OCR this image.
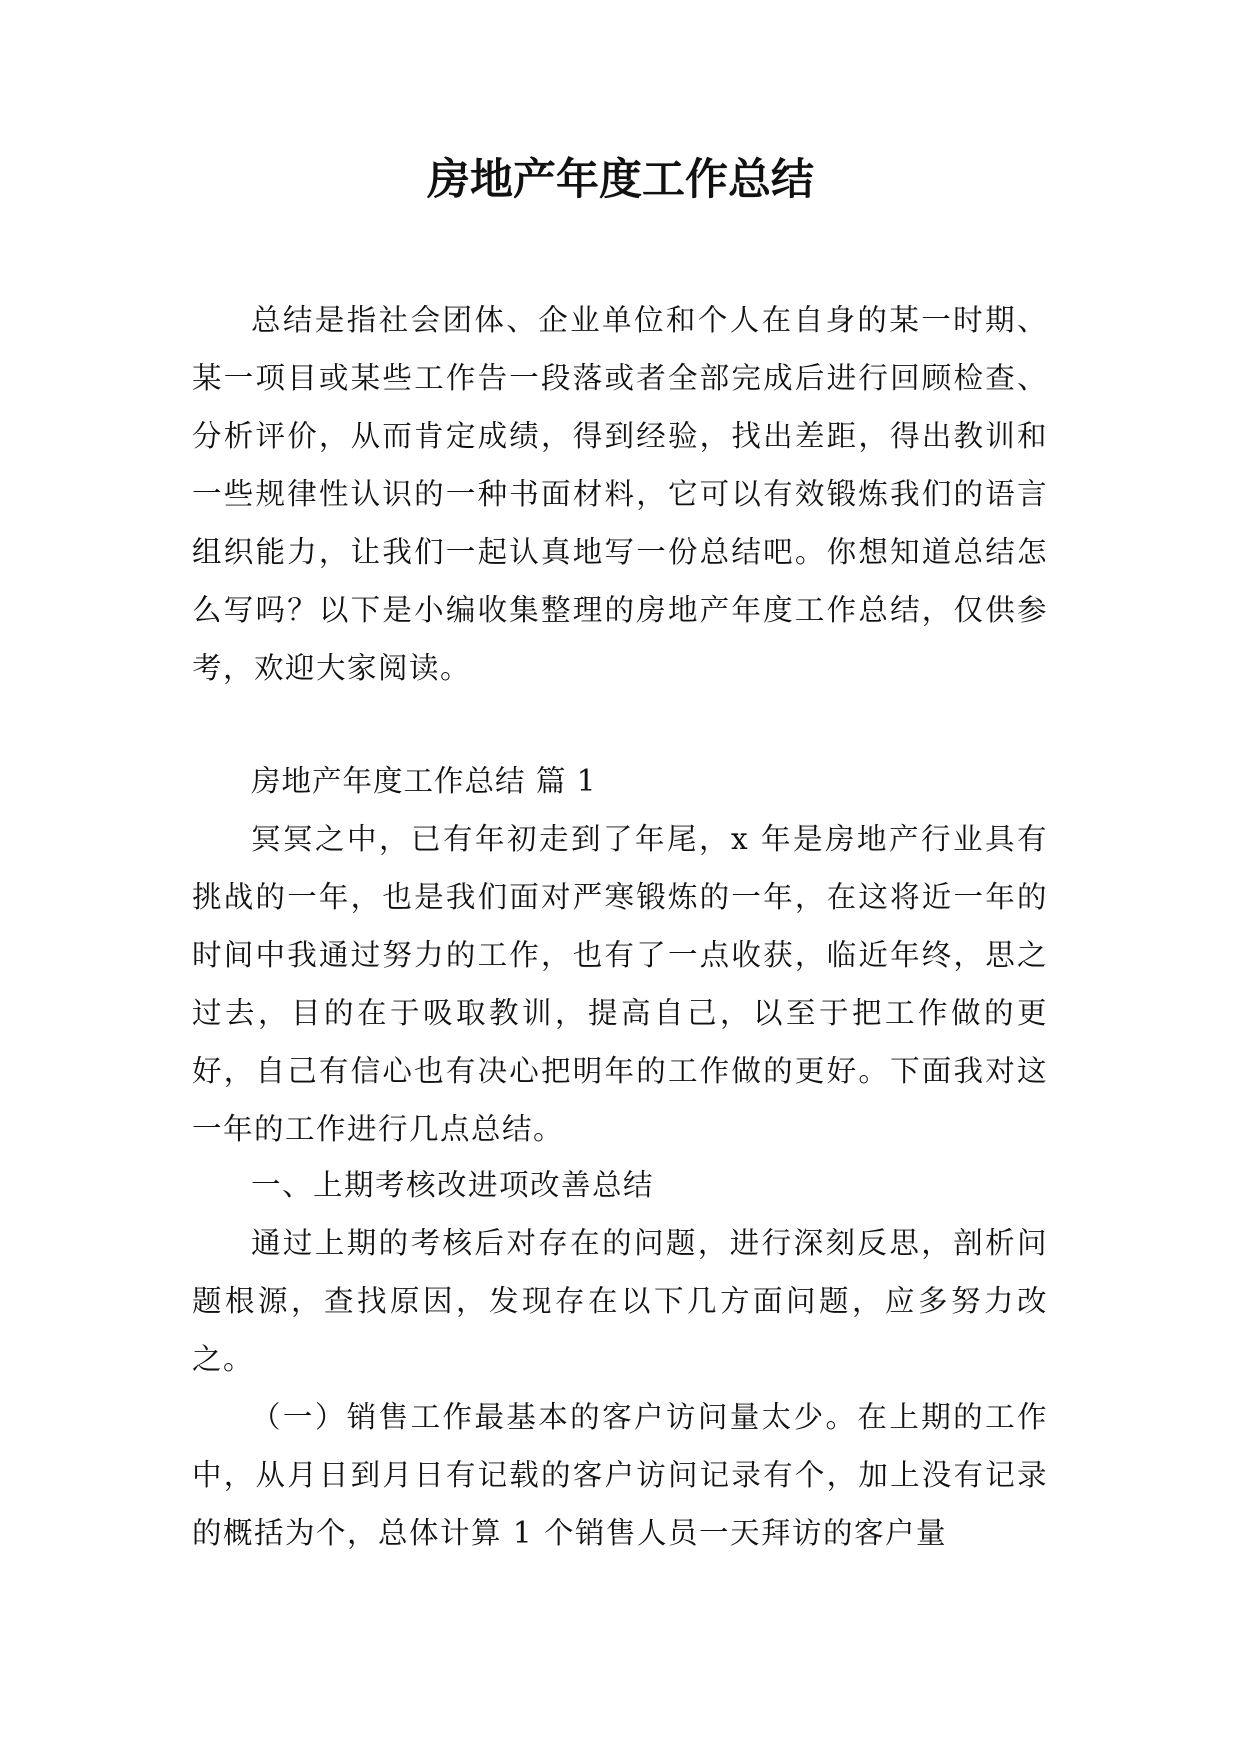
房地产年度工作总结

总结是指社会团体、企业单位和个人在自身的某一时期、某一项目或某些工作告一段落或者全部完成后进行回顾检查、分析评价，从而肯定成绩，得到经验，找出差距，得出教训和一些规律性认识的一种书面材料，它可以有效锻炼我们的语言组织能力，让我们一起认真地写一份总结吧。你想知道总结怎么写吗？以下是小编收集整理的房地产年度工作总结，仅供参考，欢迎大家阅读。

房地产年度工作总结 篇 1

冥冥之中，已有年初走到了年尾，x 年是房地产行业具有挑战的一年，也是我们面对严寒锻炼的一年，在这将近一年的时间中我通过努力的工作，也有了一点收获，临近年终，思之过去，目的在于吸取教训，提高自己，以至于把工作做的更好，自己有信心也有决心把明年的工作做的更好。下面我对这一年的工作进行几点总结。

一、上期考核改进项改善总结

通过上期的考核后对存在的问题，进行深刻反思，剖析问题根源，查找原因，发现存在以下几方面问题，应多努力改之。

（一）销售工作最基本的客户访问量太少。在上期的工作中，从月日到月日有记载的客户访问记录有个，加上没有记录的概括为个，总体计算 1 个销售人员一天拜访的客户量
